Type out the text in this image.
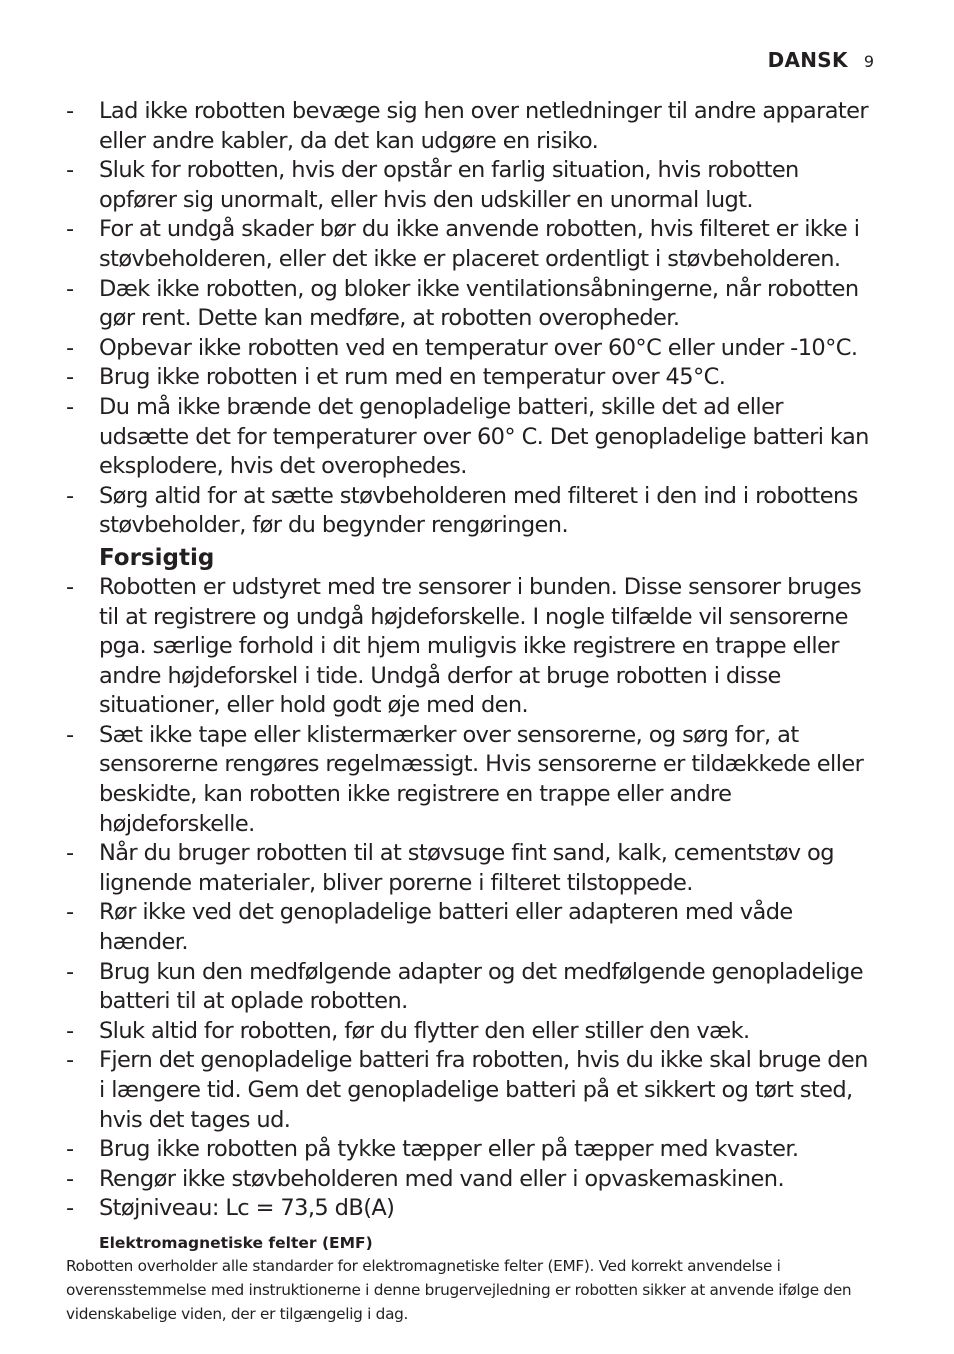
DANSK 9
- Lad ikke robotten bevæge sig hen over netledninger til andre apparater eller andre kabler, da det kan udgøre en risiko.
- Sluk for robotten, hvis der opstår en farlig situation, hvis robotten opfører sig unormalt, eller hvis den udskiller en unormal lugt.
- For at undgå skader bør du ikke anvende robotten, hvis filteret er ikke i støvbeholderen, eller det ikke er placeret ordentligt i støvbeholderen.
- Dæk ikke robotten, og bloker ikke ventilationsåbningerne, når robotten gør rent. Dette kan medføre, at robotten overopheder.
- Opbevar ikke robotten ved en temperatur over 60°C eller under -10°C.
- Brug ikke robotten i et rum med en temperatur over 45°C.
- Du må ikke brænde det genopladelige batteri, skille det ad eller udsætte det for temperaturer over 60° C. Det genopladelige batteri kan eksplodere, hvis det overophedes.
- Sørg altid for at sætte støvbeholderen med filteret i den ind i robottens støvbeholder, før du begynder rengøringen.
Forsigtig
- Robotten er udstyret med tre sensorer i bunden. Disse sensorer bruges til at registrere og undgå højdeforskelle. I nogle tilfælde vil sensorerne pga. særlige forhold i dit hjem muligvis ikke registrere en trappe eller andre højdeforskel i tide. Undgå derfor at bruge robotten i disse situationer, eller hold godt øje med den.
- Sæt ikke tape eller klistermærker over sensorerne, og sørg for, at sensorerne rengøres regelmæssigt. Hvis sensorerne er tildækkede eller beskidte, kan robotten ikke registrere en trappe eller andre højdeforskelle.
- Når du bruger robotten til at støvsuge fint sand, kalk, cementstøv og lignende materialer, bliver porerne i filteret tilstoppede.
- Rør ikke ved det genopladelige batteri eller adapteren med våde hænder.
- Brug kun den medfølgende adapter og det medfølgende genopladelige batteri til at oplade robotten.
- Sluk altid for robotten, før du flytter den eller stiller den væk.
- Fjern det genopladelige batteri fra robotten, hvis du ikke skal bruge den i længere tid. Gem det genopladelige batteri på et sikkert og tørt sted, hvis det tages ud.
- Brug ikke robotten på tykke tæpper eller på tæpper med kvaster.
- Rengør ikke støvbeholderen med vand eller i opvaskemaskinen.
- Støjniveau: Lc = 73,5 dB(A)
Elektromagnetiske felter (EMF)
Robotten overholder alle standarder for elektromagnetiske felter (EMF). Ved korrekt anvendelse i overensstemmelse med instruktionerne i denne brugervejledning er robotten sikker at anvende ifølge den videnskabelige viden, der er tilgængelig i dag.
